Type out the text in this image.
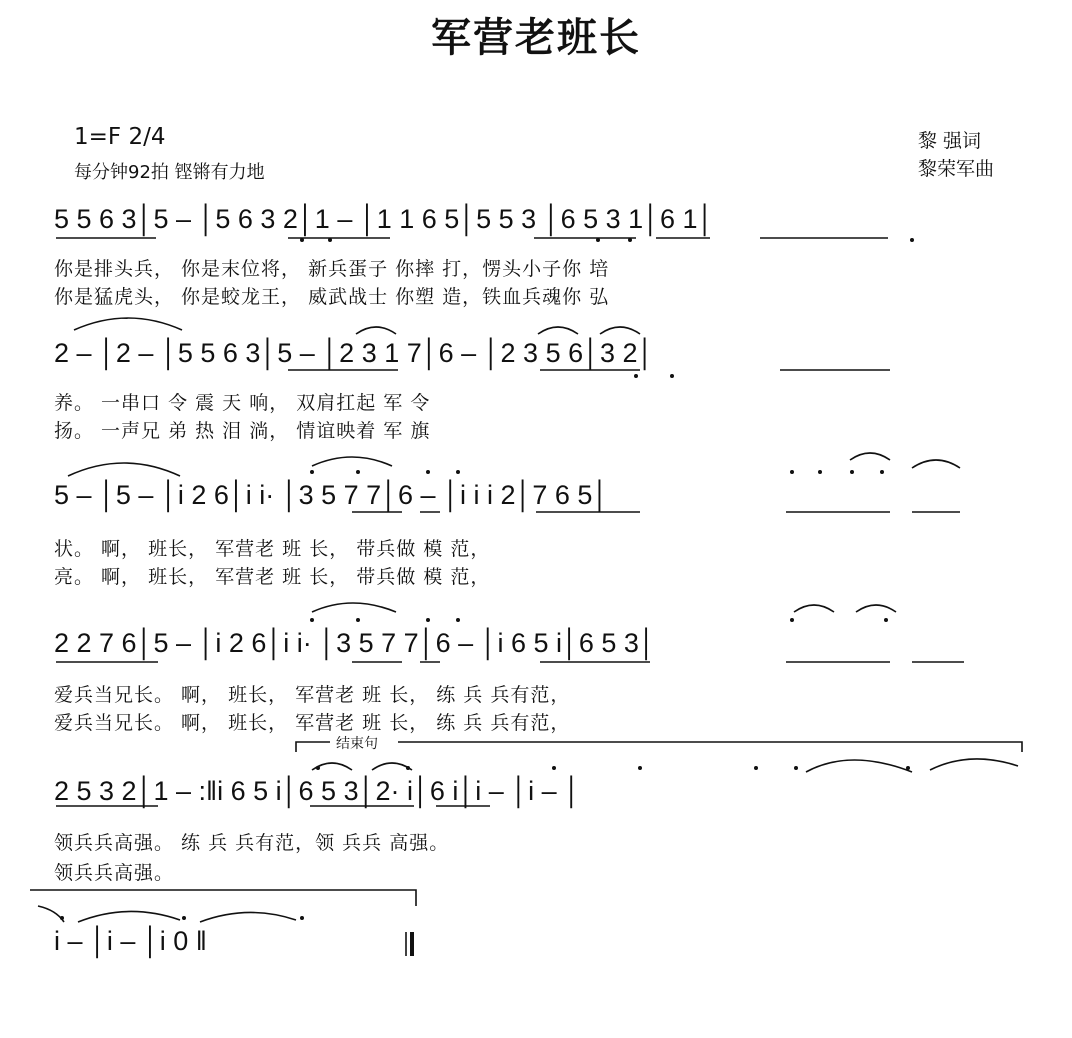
军营老班长
1=F 2/4
每分钟92拍 铿锵有力地
黎 强词
黎荣军曲
5 5 6 3│5 – │5 6 3 2│1 – │1 1 6 5│5 5 3 │6 5 3 1│6 1│
你是排头兵， 你是末位将， 新兵蛋子 你摔 打，愣头小子你 培
你是猛虎头， 你是蛟龙王， 威武战士 你塑 造，铁血兵魂你 弘
2 – │2 – │5 5 6 3│5 – │2 3 1 7│6 – │2 3 5 6│3 2│
养。 一串口 令 震 天 响， 双肩扛起 军 令
扬。 一声兄 弟 热 泪 淌， 情谊映着 军 旗
5 – │5 – │i 2 6│i i· │3 5 7 7│6 – │i i i 2│7 6 5│
状。 啊， 班长， 军营老 班 长， 带兵做 模 范，
亮。 啊， 班长， 军营老 班 长， 带兵做 模 范，
2 2 7 6│5 – │i 2 6│i i· │3 5 7 7│6 – │i 6 5 i│6 5 3│
爱兵当兄长。 啊， 班长， 军营老 班 长， 练 兵 兵有范，
爱兵当兄长。 啊， 班长， 军营老 班 长， 练 兵 兵有范，
结束句
2 5 3 2│1 – :‖i 6 5 i│6 5 3│2· i│6 i│i – │i – │
领兵兵高强。 练 兵 兵有范，领 兵兵 高强。
领兵兵高强。
i – │i – │i 0 ‖
